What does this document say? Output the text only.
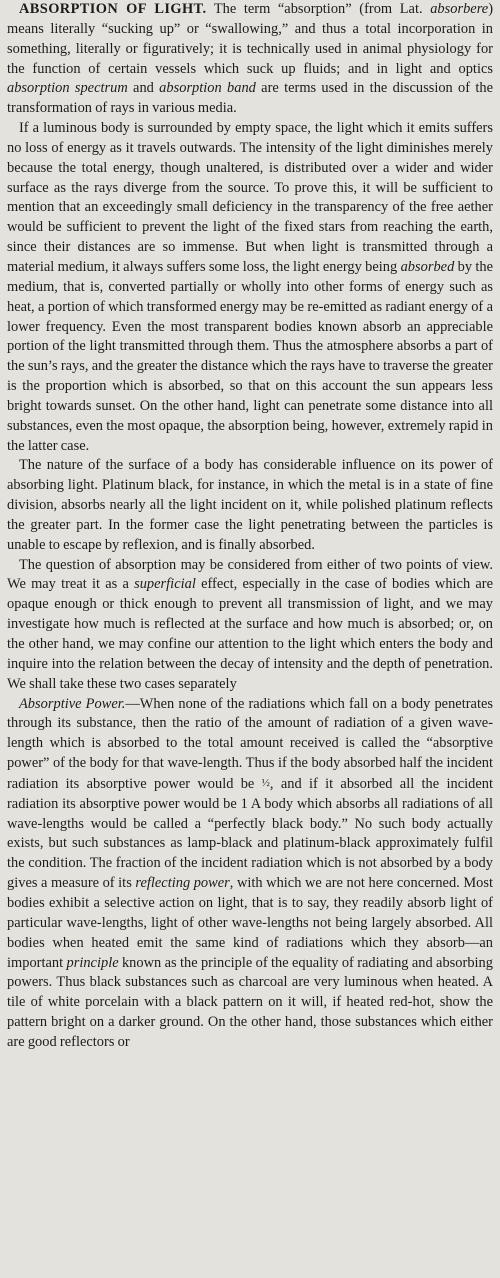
ABSORPTION OF LIGHT. The term “absorption” (from Lat. absorbere) means literally “sucking up” or “swallowing,” and thus a total incorporation in something, literally or figuratively; it is technically used in animal physiology for the function of certain vessels which suck up fluids; and in light and optics absorption spectrum and absorption band are terms used in the discussion of the transformation of rays in various media.

If a luminous body is surrounded by empty space, the light which it emits suffers no loss of energy as it travels outwards. The intensity of the light diminishes merely because the total energy, though unaltered, is distributed over a wider and wider surface as the rays diverge from the source. To prove this, it will be sufficient to mention that an exceedingly small deficiency in the transparency of the free aether would be sufficient to prevent the light of the fixed stars from reaching the earth, since their distances are so immense. But when light is transmitted through a material medium, it always suffers some loss, the light energy being absorbed by the medium, that is, converted partially or wholly into other forms of energy such as heat, a portion of which transformed energy may be re-emitted as radiant energy of a lower frequency. Even the most transparent bodies known absorb an appreciable portion of the light transmitted through them. Thus the atmosphere absorbs a part of the sun’s rays, and the greater the distance which the rays have to traverse the greater is the proportion which is absorbed, so that on this account the sun appears less bright towards sunset. On the other hand, light can penetrate some distance into all substances, even the most opaque, the absorption being, however, extremely rapid in the latter case.

The nature of the surface of a body has considerable influence on its power of absorbing light. Platinum black, for instance, in which the metal is in a state of fine division, absorbs nearly all the light incident on it, while polished platinum reflects the greater part. In the former case the light penetrating between the particles is unable to escape by reflexion, and is finally absorbed.

The question of absorption may be considered from either of two points of view. We may treat it as a superficial effect, especially in the case of bodies which are opaque enough or thick enough to prevent all transmission of light, and we may investigate how much is reflected at the surface and how much is absorbed; or, on the other hand, we may confine our attention to the light which enters the body and inquire into the relation between the decay of intensity and the depth of penetration. We shall take these two cases separately

Absorptive Power.—When none of the radiations which fall on a body penetrates through its substance, then the ratio of the amount of radiation of a given wave-length which is absorbed to the total amount received is called the “absorptive power” of the body for that wave-length. Thus if the body absorbed half the incident radiation its absorptive power would be ½, and if it absorbed all the incident radiation its absorptive power would be 1 A body which absorbs all radiations of all wave-lengths would be called a “perfectly black body.” No such body actually exists, but such substances as lamp-black and platinum-black approximately fulfil the condition. The fraction of the incident radiation which is not absorbed by a body gives a measure of its reflecting power, with which we are not here concerned. Most bodies exhibit a selective action on light, that is to say, they readily absorb light of particular wave-lengths, light of other wave-lengths not being largely absorbed. All bodies when heated emit the same kind of radiations which they absorb—an important principle known as the principle of the equality of radiating and absorbing powers. Thus black substances such as charcoal are very luminous when heated. A tile of white porcelain with a black pattern on it will, if heated red-hot, show the pattern bright on a darker ground. On the other hand, those substances which either are good reflectors or
